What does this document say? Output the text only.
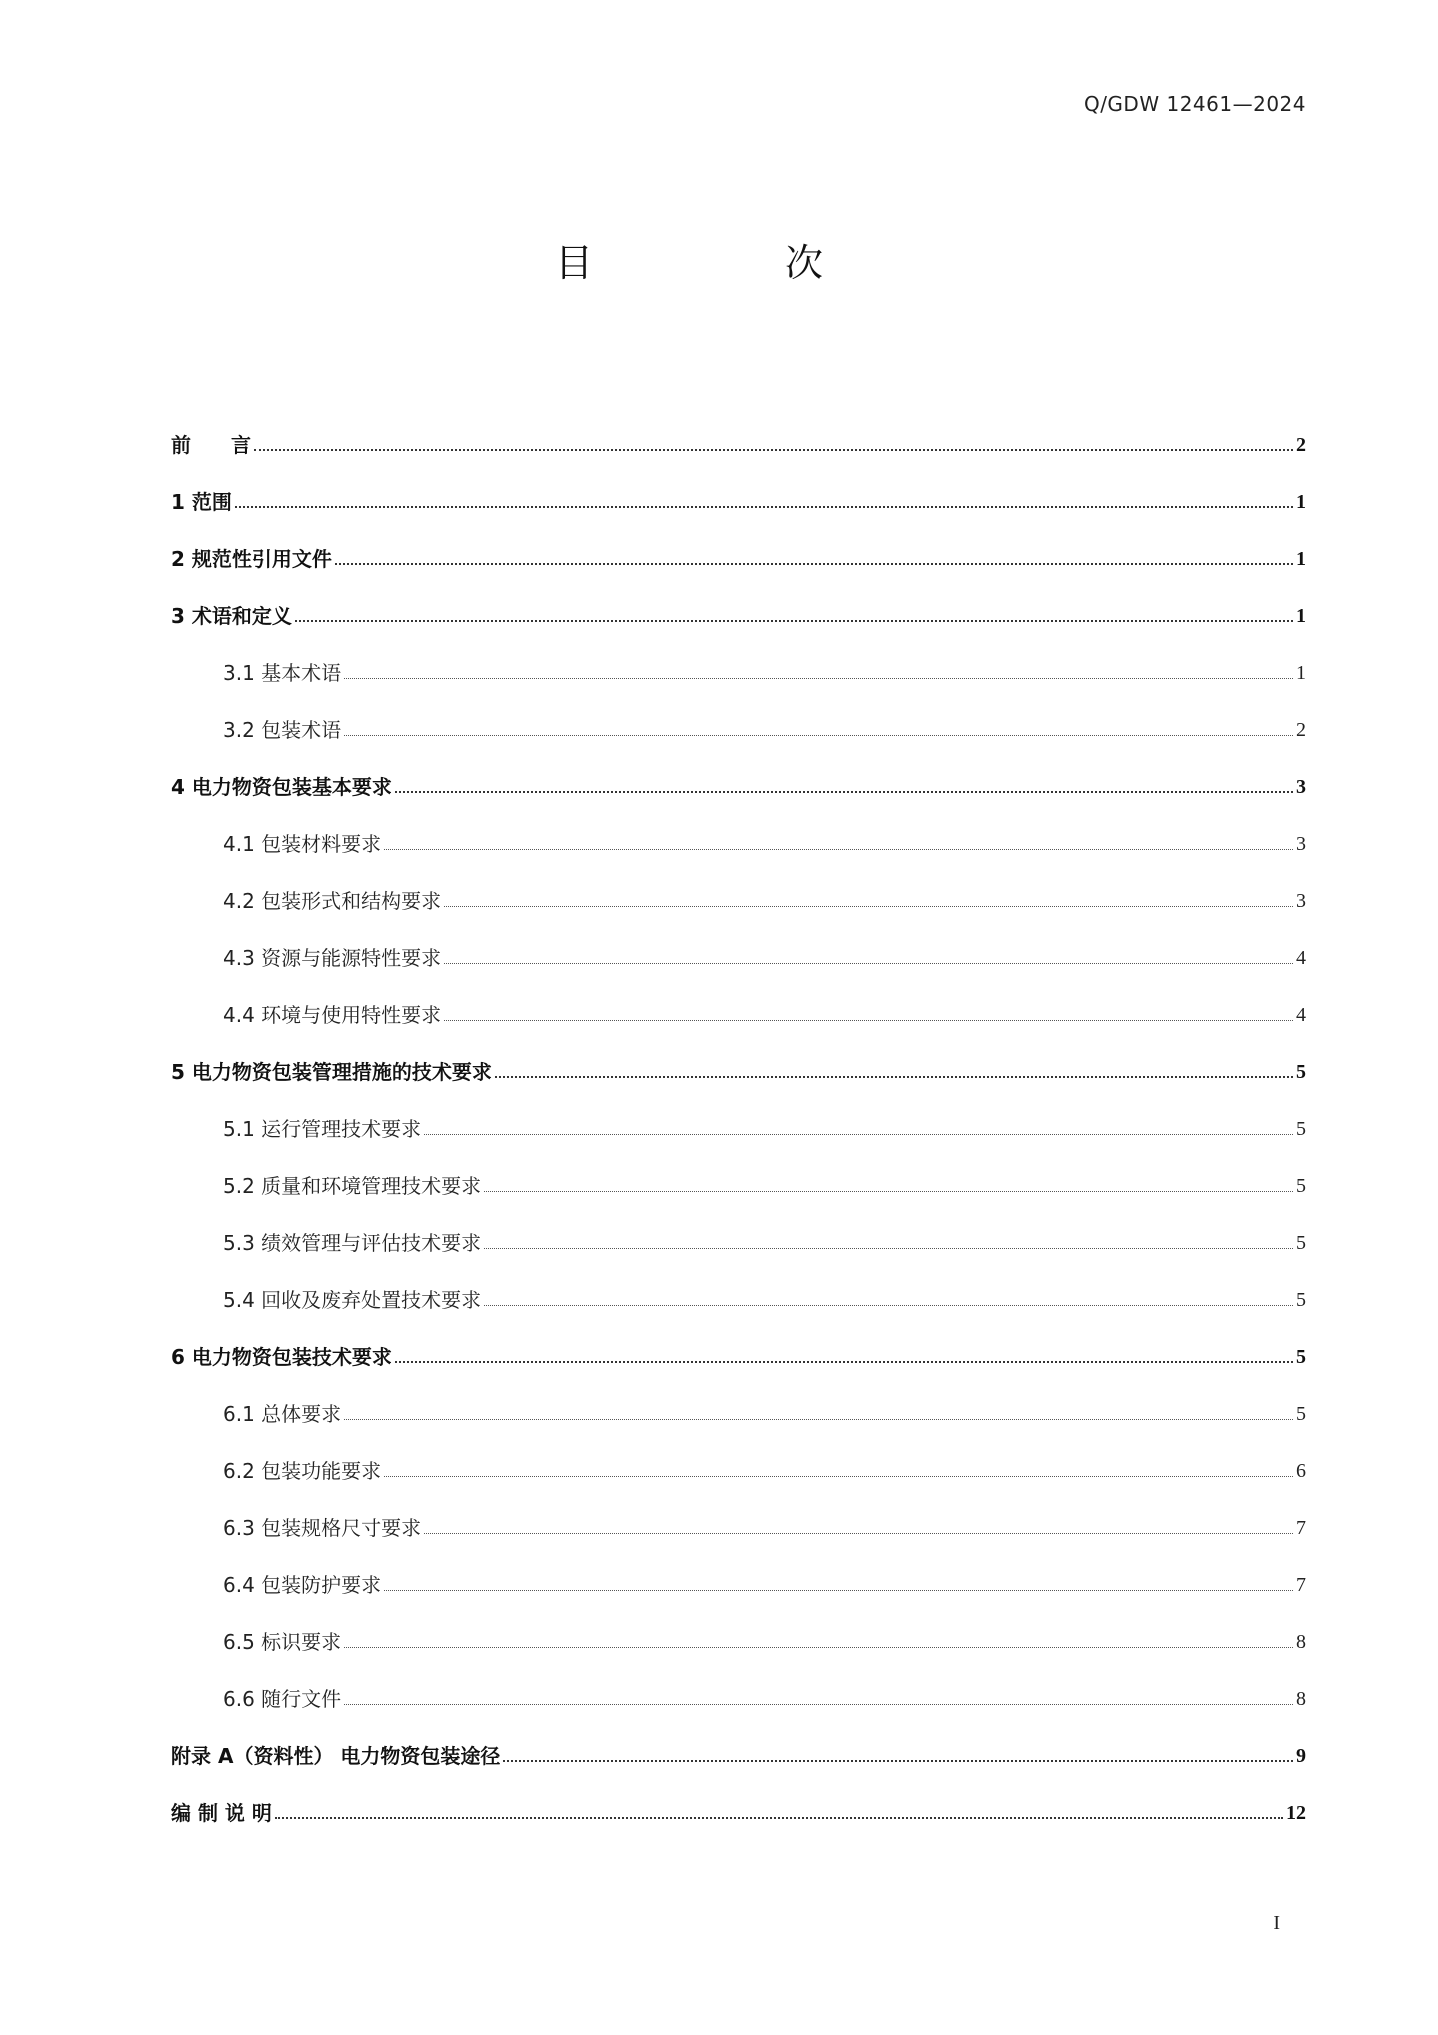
Q/GDW 12461—2024
目 次
前　　言	2
1 范围	1
2 规范性引用文件	1
3 术语和定义	1
3.1 基本术语	1
3.2 包装术语	2
4 电力物资包装基本要求	3
4.1 包装材料要求	3
4.2 包装形式和结构要求	3
4.3 资源与能源特性要求	4
4.4 环境与使用特性要求	4
5 电力物资包装管理措施的技术要求	5
5.1 运行管理技术要求	5
5.2 质量和环境管理技术要求	5
5.3 绩效管理与评估技术要求	5
5.4 回收及废弃处置技术要求	5
6 电力物资包装技术要求	5
6.1 总体要求	5
6.2 包装功能要求	6
6.3 包装规格尺寸要求	7
6.4 包装防护要求	7
6.5 标识要求	8
6.6 随行文件	8
附录 A（资料性） 电力物资包装途径	9
编 制 说 明	12
I
